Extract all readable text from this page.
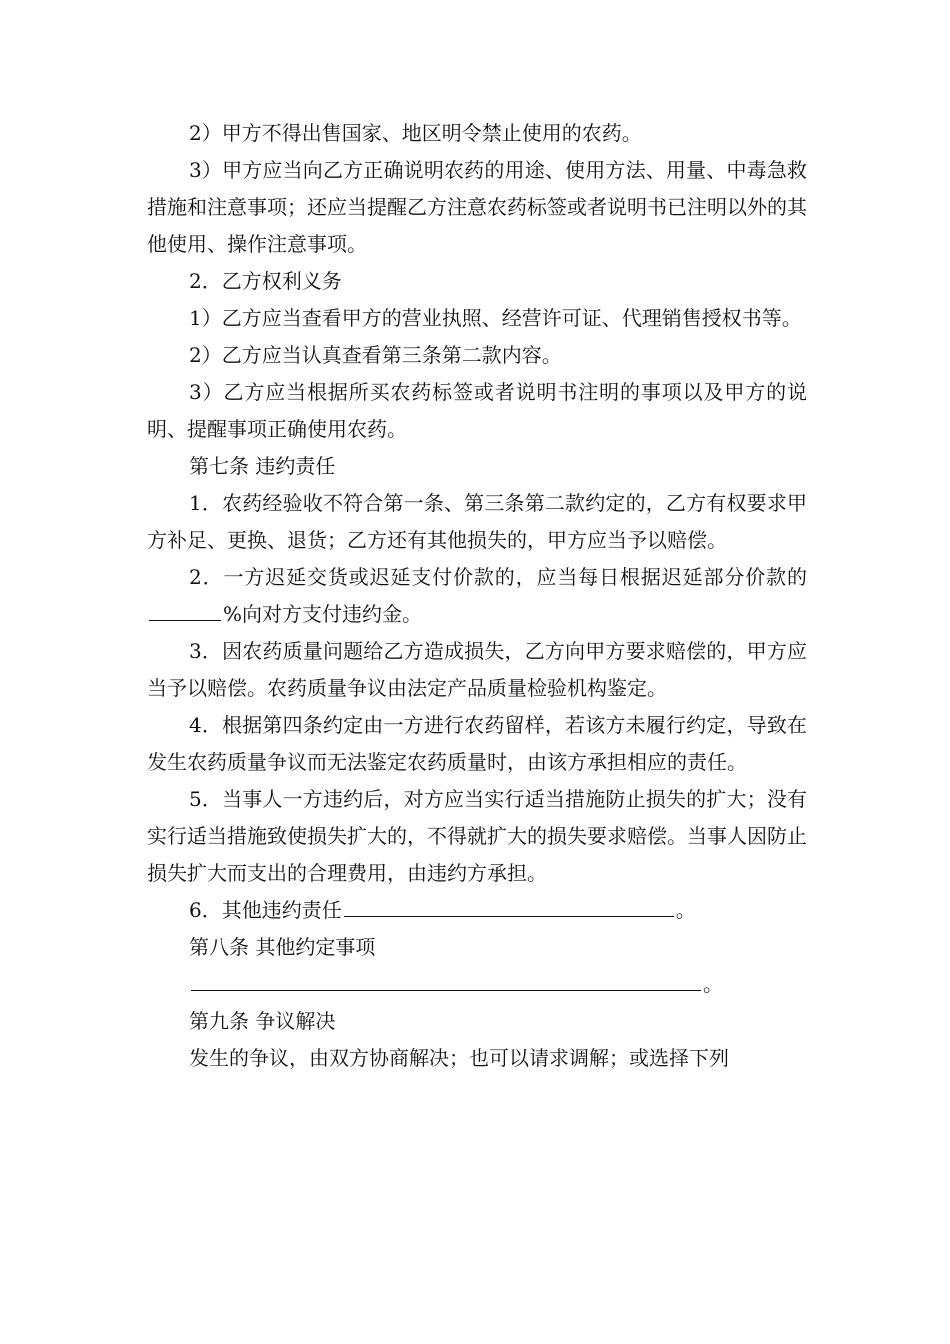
2）甲方不得出售国家、地区明令禁止使用的农药。

3）甲方应当向乙方正确说明农药的用途、使用方法、用量、中毒急救措施和注意事项；还应当提醒乙方注意农药标签或者说明书已注明以外的其他使用、操作注意事项。

2．乙方权利义务

1）乙方应当查看甲方的营业执照、经营许可证、代理销售授权书等。

2）乙方应当认真查看第三条第二款内容。

3）乙方应当根据所买农药标签或者说明书注明的事项以及甲方的说明、提醒事项正确使用农药。

第七条 违约责任

1．农药经验收不符合第一条、第三条第二款约定的，乙方有权要求甲方补足、更换、退货；乙方还有其他损失的，甲方应当予以赔偿。

2．一方迟延交货或迟延支付价款的，应当每日根据迟延部分价款的%向对方支付违约金。

3．因农药质量问题给乙方造成损失，乙方向甲方要求赔偿的，甲方应当予以赔偿。农药质量争议由法定产品质量检验机构鉴定。

4．根据第四条约定由一方进行农药留样，若该方未履行约定，导致在发生农药质量争议而无法鉴定农药质量时，由该方承担相应的责任。

5．当事人一方违约后，对方应当实行适当措施防止损失的扩大；没有实行适当措施致使损失扩大的，不得就扩大的损失要求赔偿。当事人因防止损失扩大而支出的合理费用，由违约方承担。

6．其他违约责任	。

第八条 其他约定事项

。

第九条 争议解决

发生的争议，由双方协商解决；也可以请求调解；或选择下列
